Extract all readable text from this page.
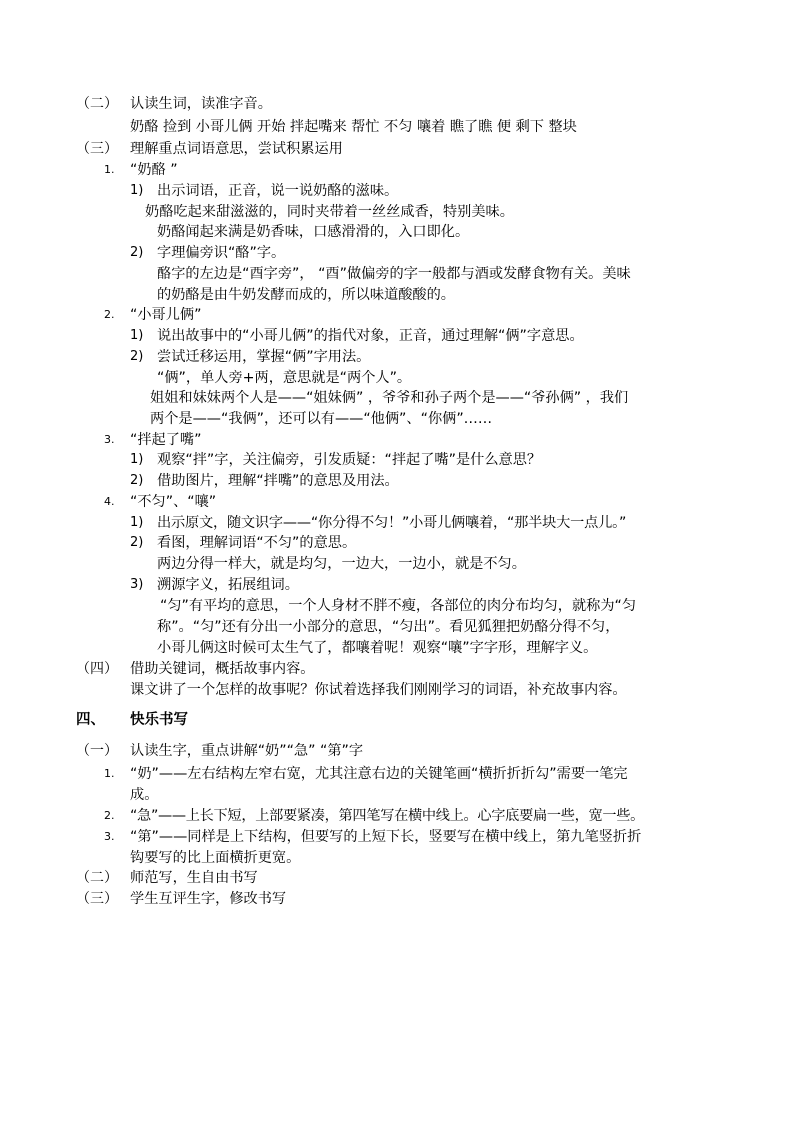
（二） 认读生词，读准字音。
奶酪 捡到 小哥儿俩 开始 拌起嘴来 帮忙 不匀 嚷着 瞧了瞧 便 剩下 整块
（三） 理解重点词语意思，尝试积累运用
1. “奶酪 ”
1) 出示词语，正音，说一说奶酪的滋味。
奶酪吃起来甜滋滋的，同时夹带着一丝丝咸香，特别美味。
奶酪闻起来满是奶香味，口感滑滑的，入口即化。
2) 字理偏旁识“酪”字。
酪字的左边是“酉字旁”， “酉”做偏旁的字一般都与酒或发酵食物有关。美味
的奶酪是由牛奶发酵而成的，所以味道酸酸的。
2. “小哥儿俩”
1) 说出故事中的“小哥儿俩”的指代对象，正音，通过理解“俩”字意思。
2) 尝试迁移运用，掌握“俩”字用法。
“俩”，单人旁+两，意思就是“两个人”。
姐姐和妹妹两个人是——“姐妹俩” ，爷爷和孙子两个是——“爷孙俩” ，我们
两个是——“我俩”，还可以有——“他俩”、“你俩”……
3. “拌起了嘴”
1) 观察“拌”字，关注偏旁，引发质疑：“拌起了嘴”是什么意思？
2) 借助图片，理解“拌嘴”的意思及用法。
4. “不匀”、“嚷”
1) 出示原文，随文识字——“你分得不匀！”小哥儿俩嚷着，“那半块大一点儿。”
2) 看图，理解词语“不匀”的意思。
两边分得一样大，就是均匀，一边大，一边小，就是不匀。
3) 溯源字义，拓展组词。
“匀”有平均的意思，一个人身材不胖不瘦，各部位的肉分布均匀，就称为“匀
称”。“匀”还有分出一小部分的意思，“匀出”。看见狐狸把奶酪分得不匀，
小哥儿俩这时候可太生气了，都嚷着呢！观察“嚷”字字形，理解字义。
（四） 借助关键词，概括故事内容。
课文讲了一个怎样的故事呢？你试着选择我们刚刚学习的词语，补充故事内容。
四、 快乐书写
（一） 认读生字，重点讲解“奶”“急” “第”字
1. “奶”——左右结构左窄右宽，尤其注意右边的关键笔画“横折折折勾”需要一笔完
成。
2. “急”——上长下短，上部要紧凑，第四笔写在横中线上。心字底要扁一些，宽一些。
3. “第”——同样是上下结构，但要写的上短下长，竖要写在横中线上，第九笔竖折折
钩要写的比上面横折更宽。
（二） 师范写，生自由书写
（三） 学生互评生字，修改书写
